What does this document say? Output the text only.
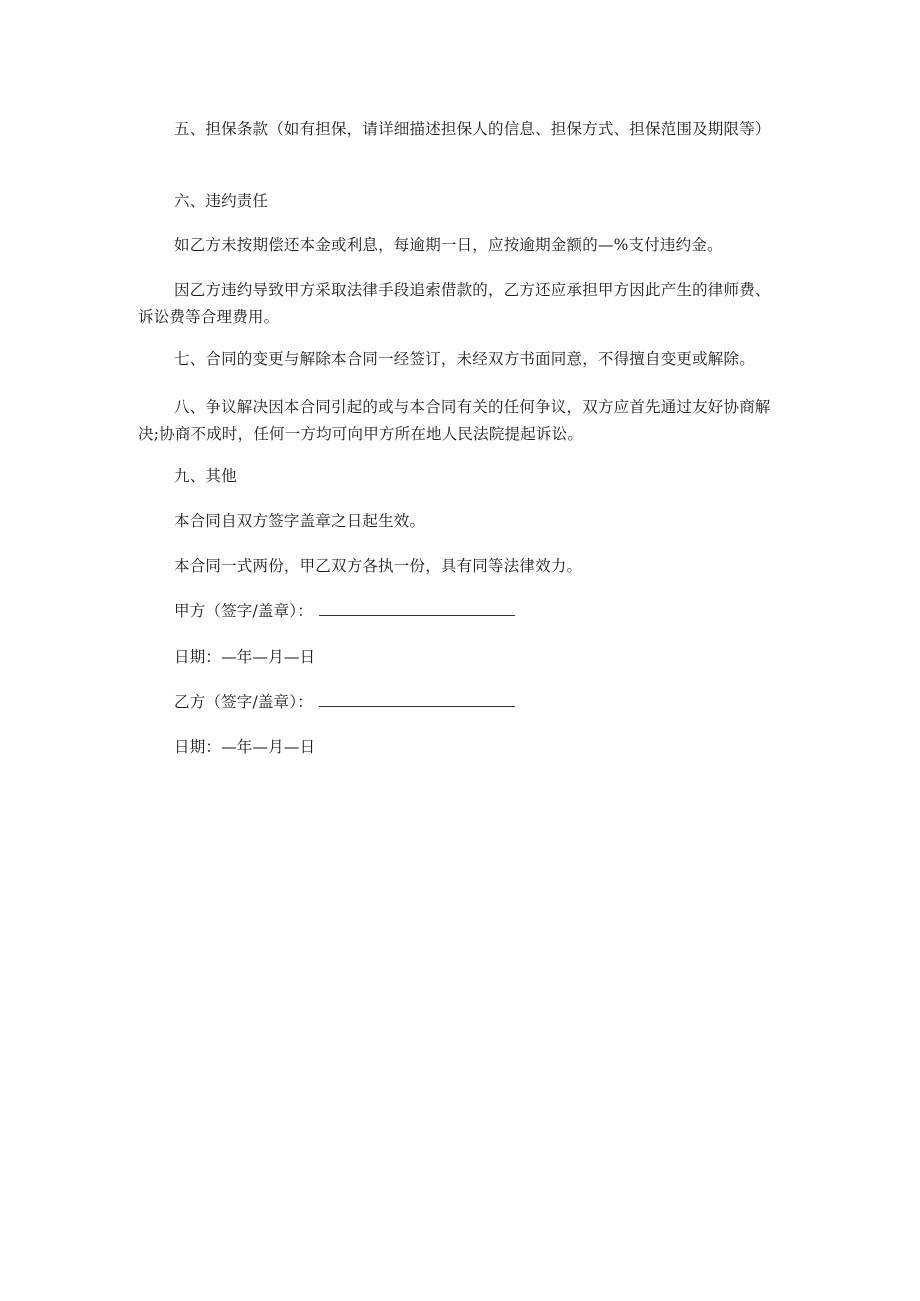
五、担保条款（如有担保，请详细描述担保人的信息、担保方式、担保范围及期限等）

六、违约责任

如乙方未按期偿还本金或利息，每逾期一日，应按逾期金额的—%支付违约金。

因乙方违约导致甲方采取法律手段追索借款的，乙方还应承担甲方因此产生的律师费、诉讼费等合理费用。

七、合同的变更与解除本合同一经签订，未经双方书面同意，不得擅自变更或解除。

八、争议解决因本合同引起的或与本合同有关的任何争议，双方应首先通过友好协商解决;协商不成时，任何一方均可向甲方所在地人民法院提起诉讼。

九、其他

本合同自双方签字盖章之日起生效。

本合同一式两份，甲乙双方各执一份，具有同等法律效力。

甲方（签字/盖章）：

日期：—年—月—日

乙方（签字/盖章）：

日期：—年—月—日
